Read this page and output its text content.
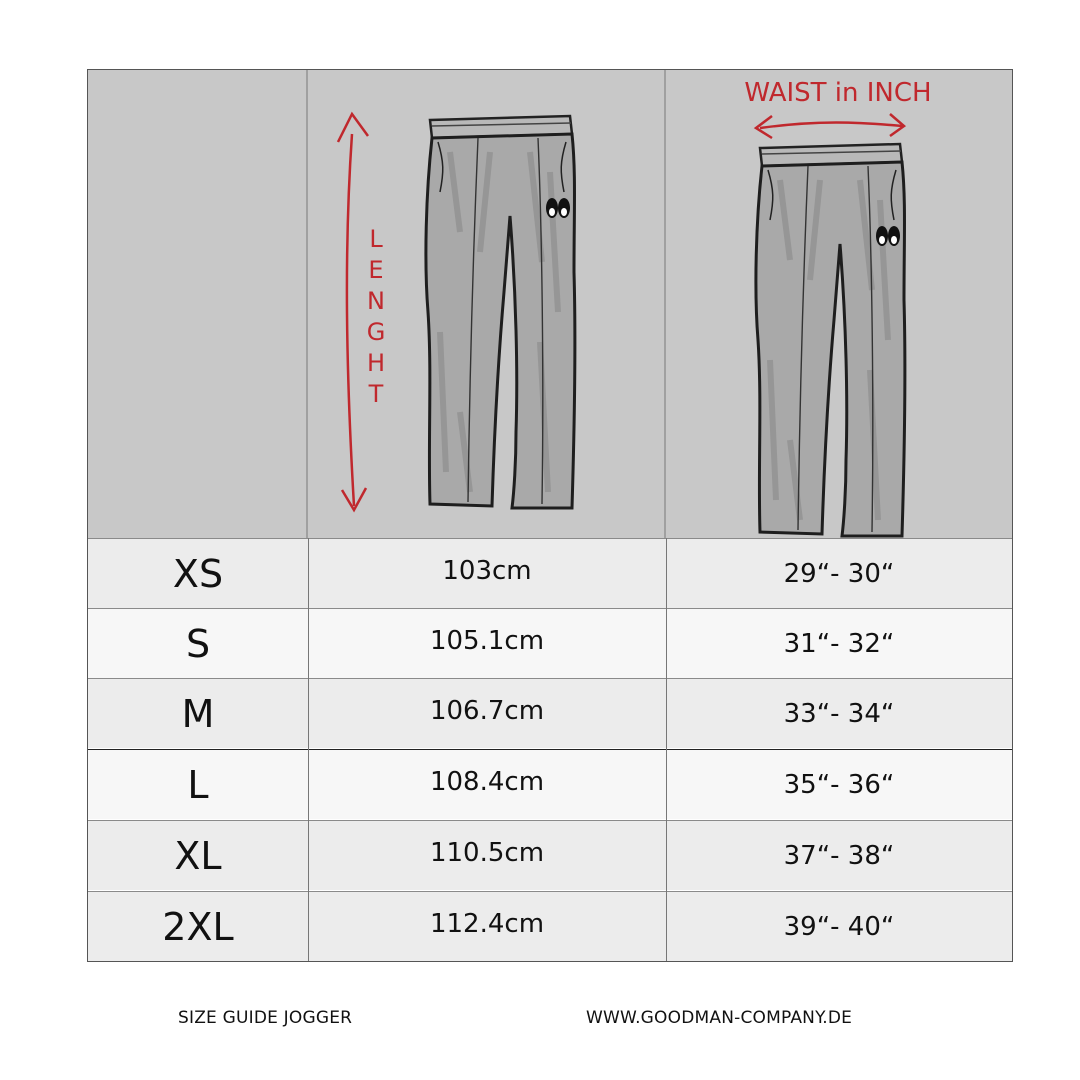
L
E
N
G
H
T
WAIST in INCH
XS	103cm	29“- 30“
S	105.1cm	31“- 32“
M	106.7cm	33“- 34“
L	108.4cm	35“- 36“
XL	110.5cm	37“- 38“
2XL	112.4cm	39“- 40“
SIZE GUIDE JOGGER	WWW.GOODMAN-COMPANY.DE
